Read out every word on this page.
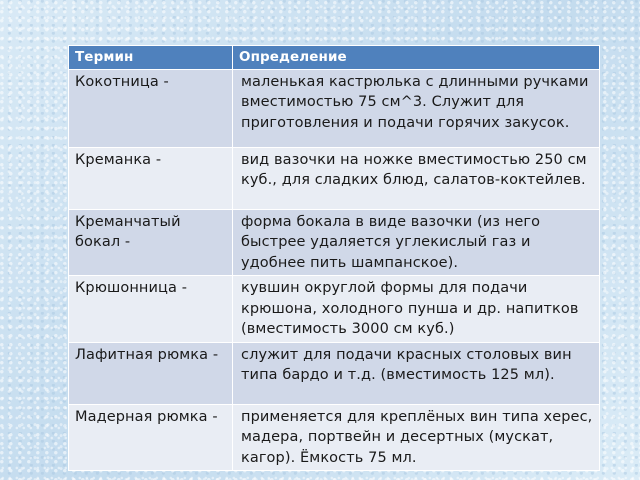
Термин	Определение
Кокотница -	маленькая кастрюлька с длинными ручками вместимостью 75 см^3. Служит для приготовления и подачи горячих закусок.
Креманка -	вид вазочки на ножке вместимостью 250 см куб., для сладких блюд, салатов-коктейлев.
Креманчатый бокал -	форма бокала в виде вазочки (из него быстрее удаляется углекислый газ и удобнее пить шампанское).
Крюшонница -	кувшин округлой формы для подачи крюшона, холодного пунша и др. напитков (вместимость 3000 см куб.)
Лафитная рюмка -	служит для подачи красных столовых вин типа бардо и т.д. (вместимость 125 мл).
Мадерная рюмка -	применяется для креплёных вин типа херес, мадера, портвейн и десертных (мускат, кагор). Ёмкость 75 мл.
